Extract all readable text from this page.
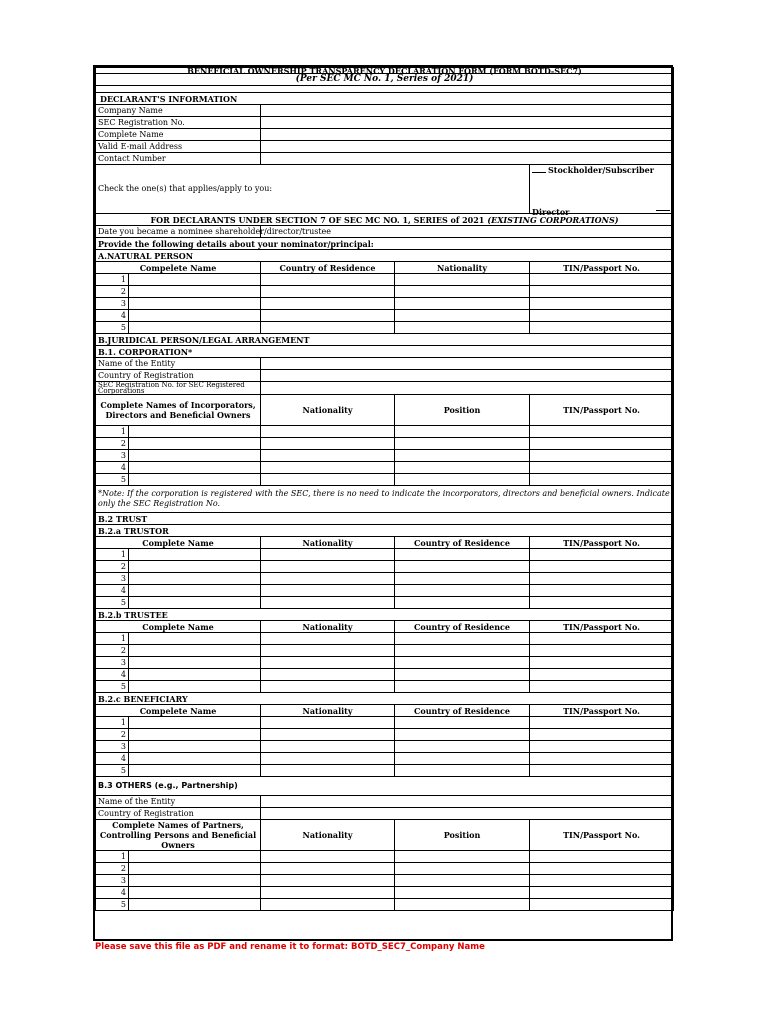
BENEFICIAL OWNERSHIP TRANSPARENCY DECLARATION FORM (FORM BOTD-SEC7)				
(Per SEC MC No. 1, Series of 2021)				

DECLARANT'S INFORMATION				
Company Name				
SEC Registration No.				
Complete Name				
Valid E-mail Address				
Contact Number				
Check the one(s) that applies/apply to you:				Stockholder/Subscriber
Director

FOR DECLARANTS UNDER SECTION 7 OF SEC MC NO. 1, SERIES of 2021 (EXISTING CORPORATIONS)				
Date you became a nominee shareholder/director/trustee				
Provide the following details about your nominator/principal:				
A.NATURAL PERSON				
Compelete Name		Country of Residence	Nationality	TIN/Passport No.
1				
2				
3				
4				
5				
B.JURIDICAL PERSON/LEGAL ARRANGEMENT				
B.1. CORPORATION*				
Name of the Entity				
Country of Registration				
SEC Registration No. for SEC Registered Corporations				
Complete Names of Incorporators, Directors and Beneficial Owners		Nationality	Position	TIN/Passport No.
1				
2				
3				
4				
5				
*Note: If the corporation is registered with the SEC, there is no need to indicate the incorporators, directors and beneficial owners. Indicate only the SEC Registration No.				
B.2 TRUST				
B.2.a TRUSTOR				
Complete Name		Nationality	Country of Residence	TIN/Passport No.
1				
2				
3				
4				
5				
B.2.b TRUSTEE				
Complete Name		Nationality	Country of Residence	TIN/Passport No.
1				
2				
3				
4				
5				
B.2.c BENEFICIARY				
Compelete Name		Nationality	Country of Residence	TIN/Passport No.
1				
2				
3				
4				
5				
B.3 OTHERS (e.g., Partnership)				
Name of the Entity				
Country of Registration				
Complete Names of Partners, Controlling Persons and Beneficial Owners		Nationality	Position	TIN/Passport No.
1				
2				
3				
4				
5				
Please save this file as PDF and rename it to format: BOTD_SEC7_Company Name
